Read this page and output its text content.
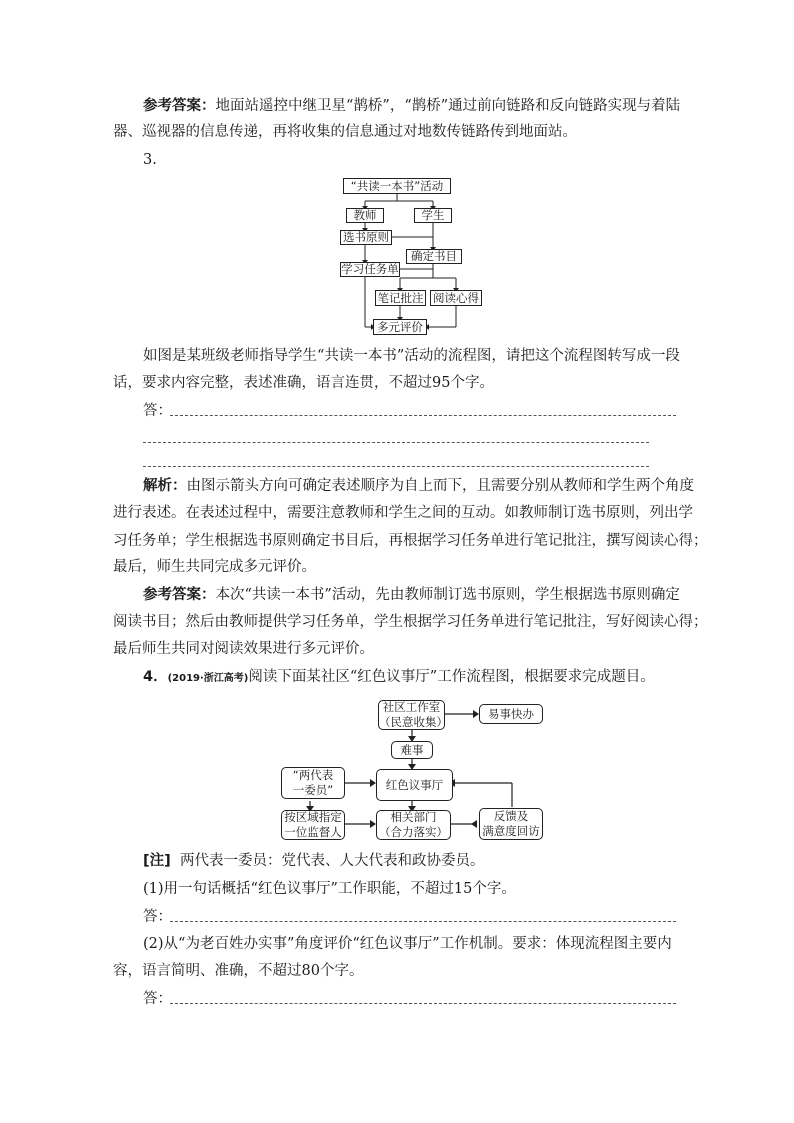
参考答案：地面站遥控中继卫星“鹊桥”，“鹊桥”通过前向链路和反向链路实现与着陆
器、巡视器的信息传递，再将收集的信息通过对地数传链路传到地面站。
3.
“共读一本书”活动
教师	学生
选书原则
确定书目
学习任务单
笔记批注 阅读心得
多元评价
如图是某班级老师指导学生“共读一本书”活动的流程图，请把这个流程图转写成一段
话，要求内容完整，表述准确，语言连贯，不超过95个字。
答：
解析：由图示箭头方向可确定表述顺序为自上而下，且需要分别从教师和学生两个角度
进行表述。在表述过程中，需要注意教师和学生之间的互动。如教师制订选书原则，列出学
习任务单；学生根据选书原则确定书目后，再根据学习任务单进行笔记批注，撰写阅读心得；
最后，师生共同完成多元评价。
参考答案：本次“共读一本书”活动，先由教师制订选书原则，学生根据选书原则确定
阅读书目；然后由教师提供学习任务单，学生根据学习任务单进行笔记批注，写好阅读心得；
最后师生共同对阅读效果进行多元评价。
4．(2019·浙江高考)阅读下面某社区“红色议事厅”工作流程图，根据要求完成题目。
社区工作室
（民意收集）
易事快办
难事
“两代表
一委员”	红色议事厅
按区域指定
一位监督人
相关部门
（合力落实）
反馈及
满意度回访
[注] 两代表一委员：党代表、人大代表和政协委员。
(1)用一句话概括“红色议事厅”工作职能，不超过15个字。
答：
(2)从“为老百姓办实事”角度评价“红色议事厅”工作机制。要求：体现流程图主要内
容，语言简明、准确，不超过80个字。
答：
